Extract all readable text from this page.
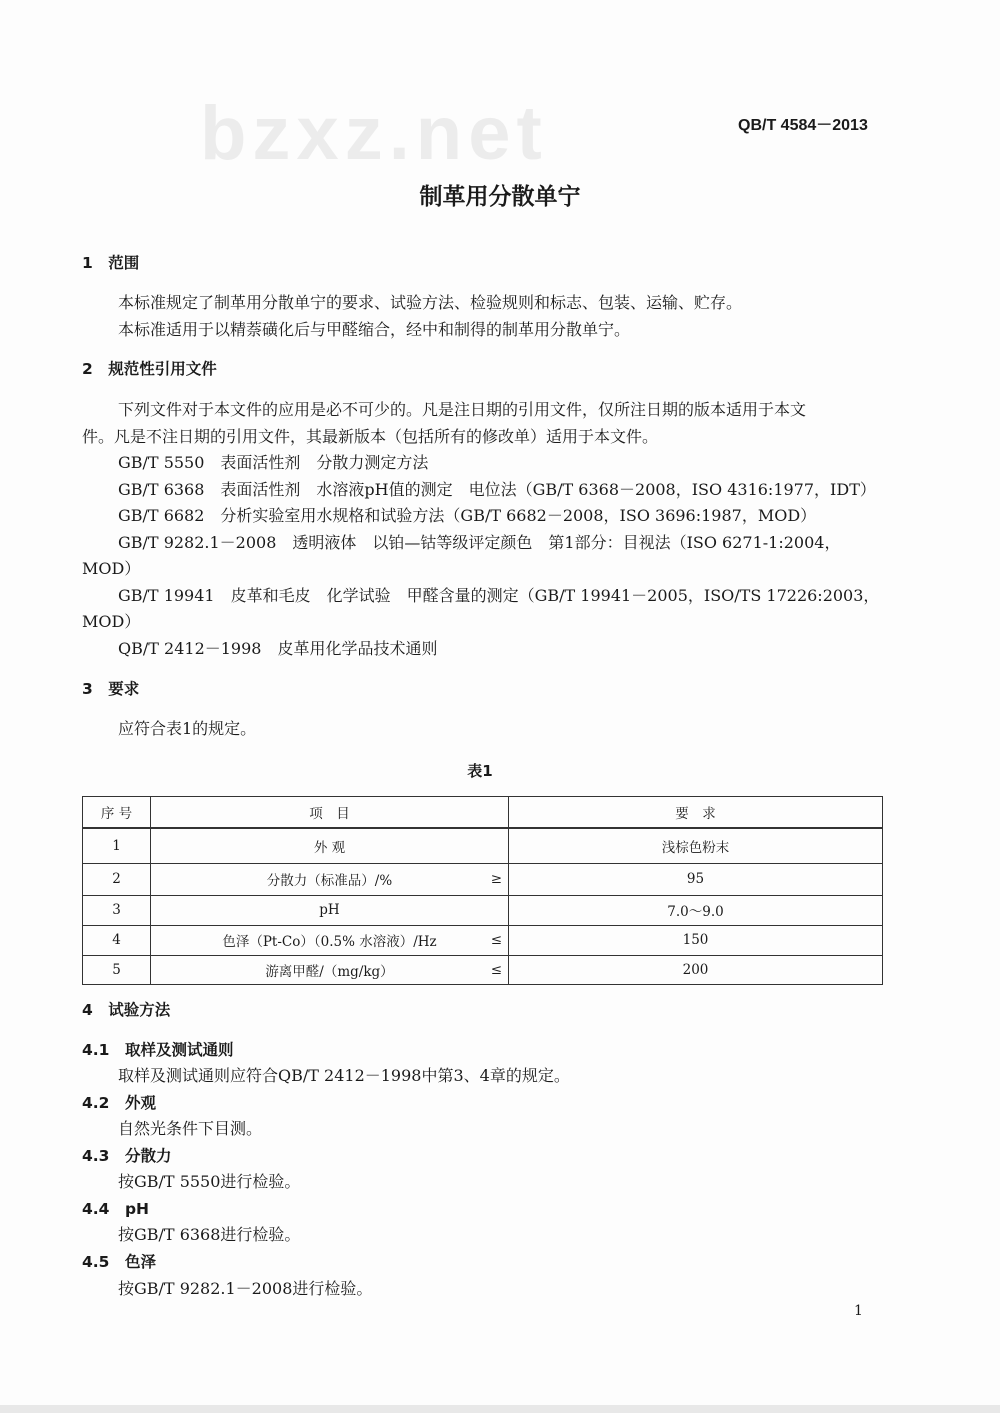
bzxz.net	QB/T 4584－2013
制革用分散单宁
1　范围
本标准规定了制革用分散单宁的要求、试验方法、检验规则和标志、包装、运输、贮存。
本标准适用于以精萘磺化后与甲醛缩合，经中和制得的制革用分散单宁。
2　规范性引用文件
下列文件对于本文件的应用是必不可少的。凡是注日期的引用文件，仅所注日期的版本适用于本文
件。凡是不注日期的引用文件，其最新版本（包括所有的修改单）适用于本文件。
GB/T 5550　表面活性剂　分散力测定方法
GB/T 6368　表面活性剂　水溶液pH值的测定　电位法（GB/T 6368－2008，ISO 4316:1977，IDT）
GB/T 6682　分析实验室用水规格和试验方法（GB/T 6682－2008，ISO 3696:1987，MOD）
GB/T 9282.1－2008　透明液体　以铂—钴等级评定颜色　第1部分：目视法（ISO 6271-1:2004，
MOD）
GB/T 19941　皮革和毛皮　化学试验　甲醛含量的测定（GB/T 19941－2005，ISO/TS 17226:2003，
MOD）
QB/T 2412－1998　皮革用化学品技术通则
3　要求
应符合表1的规定。
表1
序 号	项　目	要　求
1	外 观	浅棕色粉末
2	分散力（标准品）/% ≥	95
3	pH	7.0～9.0
4	色泽（Pt-Co）（0.5% 水溶液）/Hz ≤	150
5	游离甲醛/（mg/kg） ≤	200
4　试验方法
4.1　取样及测试通则
取样及测试通则应符合QB/T 2412－1998中第3、4章的规定。
4.2　外观
自然光条件下目测。
4.3　分散力
按GB/T 5550进行检验。
4.4　pH
按GB/T 6368进行检验。
4.5　色泽
按GB/T 9282.1－2008进行检验。
1
